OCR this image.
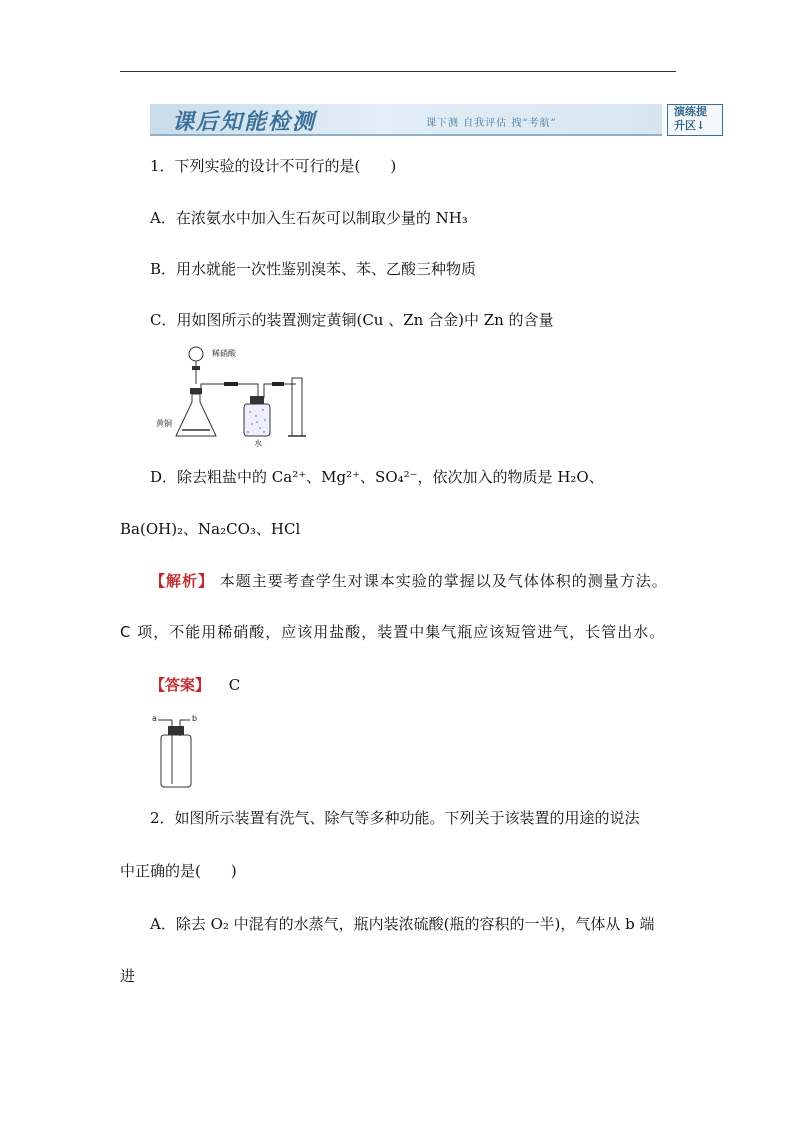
课后知能检测	课下测 自我评估 拽“考航”
演练提
升区↓
1．下列实验的设计不可行的是(　　)
A．在浓氨水中加入生石灰可以制取少量的 NH₃
B．用水就能一次性鉴别溴苯、苯、乙酸三种物质
C．用如图所示的装置测定黄铜(Cu 、Zn 合金)中 Zn 的含量
稀硝酸
黄铜
水
D．除去粗盐中的 Ca²⁺、Mg²⁺、SO₄²⁻，依次加入的物质是 H₂O、
Ba(OH)₂、Na₂CO₃、HCl
【解析】 本题主要考查学生对课本实验的掌握以及气体体积的测量方法。
C 项，不能用稀硝酸，应该用盐酸，装置中集气瓶应该短管进气，长管出水。
【答案】 C
a	b
2．如图所示装置有洗气、除气等多种功能。下列关于该装置的用途的说法
中正确的是(　　)
A．除去 O₂ 中混有的水蒸气，瓶内装浓硫酸(瓶的容积的一半)，气体从 b 端
进
